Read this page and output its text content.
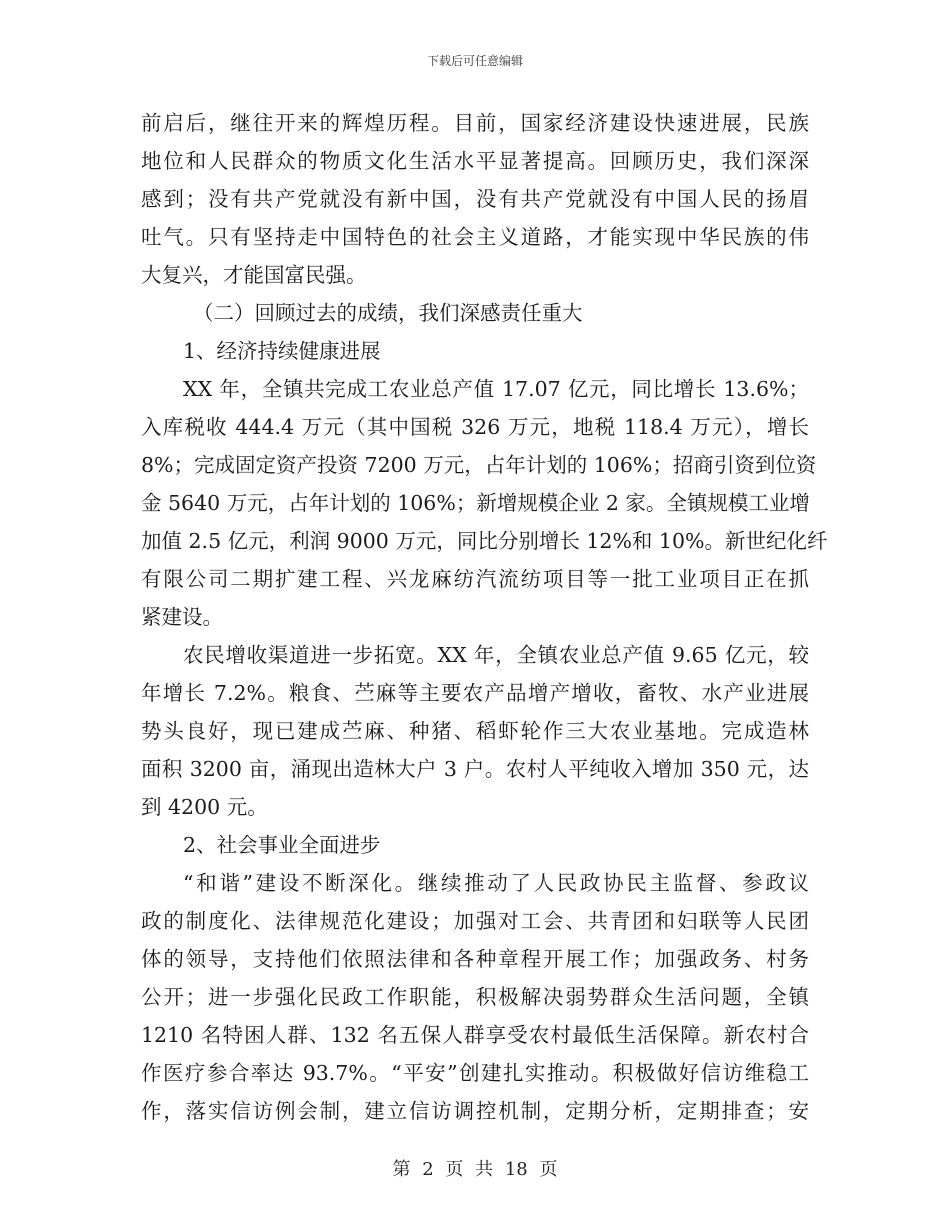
下载后可任意编辑
前启后，继往开来的辉煌历程。目前，国家经济建设快速进展，民族
地位和人民群众的物质文化生活水平显著提高。回顾历史，我们深深
感到；没有共产党就没有新中国，没有共产党就没有中国人民的扬眉
吐气。只有坚持走中国特色的社会主义道路，才能实现中华民族的伟
大复兴，才能国富民强。
（二）回顾过去的成绩，我们深感责任重大
1、经济持续健康进展
XX 年，全镇共完成工农业总产值 17.07 亿元，同比增长 13.6%；
入库税收 444.4 万元（其中国税 326 万元，地税 118.4 万元），增长
8%；完成固定资产投资 7200 万元，占年计划的 106%；招商引资到位资
金 5640 万元，占年计划的 106%；新增规模企业 2 家。全镇规模工业增
加值 2.5 亿元，利润 9000 万元，同比分别增长 12%和 10%。新世纪化纤
有限公司二期扩建工程、兴龙麻纺汽流纺项目等一批工业项目正在抓
紧建设。
农民增收渠道进一步拓宽。XX 年，全镇农业总产值 9.65 亿元，较
年增长 7.2%。粮食、苎麻等主要农产品增产增收，畜牧、水产业进展
势头良好，现已建成苎麻、种猪、稻虾轮作三大农业基地。完成造林
面积 3200 亩，涌现出造林大户 3 户。农村人平纯收入增加 350 元，达
到 4200 元。
2、社会事业全面进步
“和谐”建设不断深化。继续推动了人民政协民主监督、参政议
政的制度化、法律规范化建设；加强对工会、共青团和妇联等人民团
体的领导，支持他们依照法律和各种章程开展工作；加强政务、村务
公开；进一步强化民政工作职能，积极解决弱势群众生活问题，全镇
1210 名特困人群、132 名五保人群享受农村最低生活保障。新农村合
作医疗参合率达 93.7%。“平安”创建扎实推动。积极做好信访维稳工
作，落实信访例会制，建立信访调控机制，定期分析，定期排查；安
第 2 页 共 18 页
